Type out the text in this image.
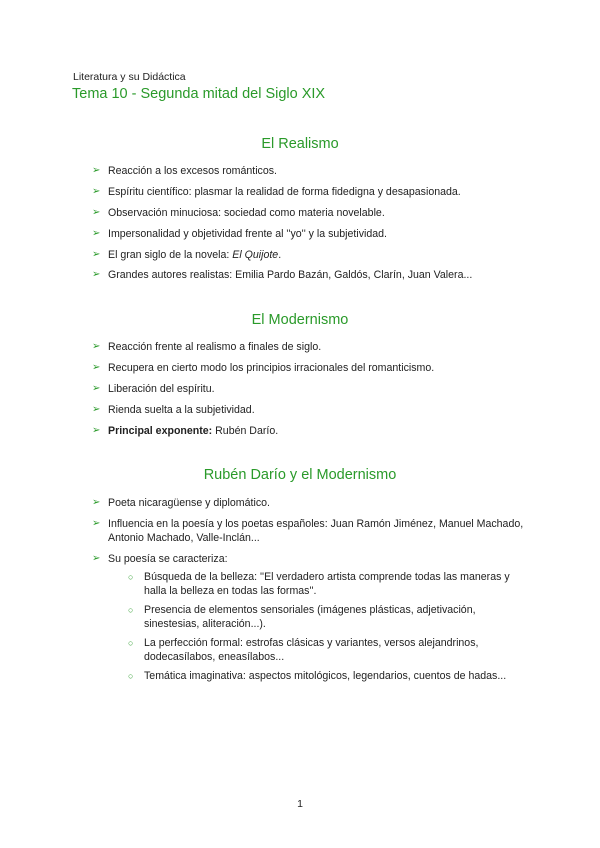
Literatura y su Didáctica
Tema 10 - Segunda mitad del Siglo XIX
El Realismo
➢ Reacción a los excesos románticos.
➢ Espíritu científico: plasmar la realidad de forma fidedigna y desapasionada.
➢ Observación minuciosa: sociedad como materia novelable.
➢ Impersonalidad y objetividad frente al ''yo'' y la subjetividad.
➢ El gran siglo de la novela: El Quijote.
➢ Grandes autores realistas: Emilia Pardo Bazán, Galdós, Clarín, Juan Valera...
El Modernismo
➢ Reacción frente al realismo a finales de siglo.
➢ Recupera en cierto modo los principios irracionales del romanticismo.
➢ Liberación del espíritu.
➢ Rienda suelta a la subjetividad.
➢ Principal exponente: Rubén Darío.
Rubén Darío y el Modernismo
➢ Poeta nicaragüense y diplomático.
➢ Influencia en la poesía y los poetas españoles: Juan Ramón Jiménez, Manuel Machado, Antonio Machado, Valle-Inclán...
➢ Su poesía se caracteriza:
○ Búsqueda de la belleza: ''El verdadero artista comprende todas las maneras y halla la belleza en todas las formas''.
○ Presencia de elementos sensoriales (imágenes plásticas, adjetivación, sinestesias, aliteración...).
○ La perfección formal: estrofas clásicas y variantes, versos alejandrinos, dodecasílabos, eneasílabos...
○ Temática imaginativa: aspectos mitológicos, legendarios, cuentos de hadas...
1
